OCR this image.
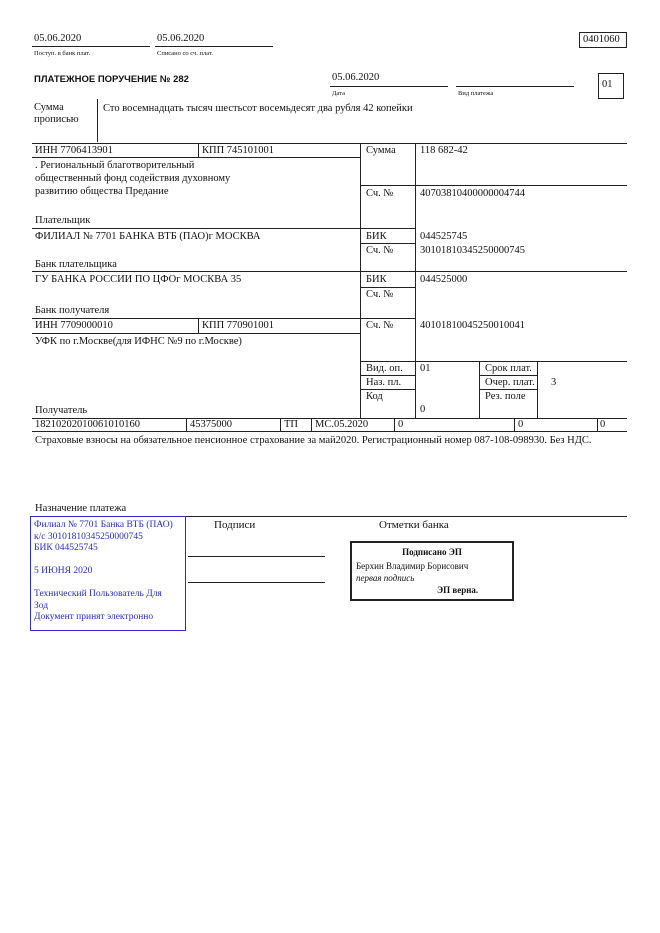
05.06.2020
Поступ. в банк плат.
05.06.2020
Списано со сч. плат.
0401060
ПЛАТЕЖНОЕ ПОРУЧЕНИЕ № 282	05.06.2020
Дата	Вид платежа
01
Сумма
прописью
Сто восемнадцать тысяч шестьсот восемьдесят два рубля 42 копейки
ИНН 7706413901	КПП 745101001
. Региональный благотворительный
общественный фонд содействия духовному
развитию общества Предание
Плательщик
ФИЛИАЛ № 7701 БАНКА ВТБ (ПАО)г МОСКВА
Банк плательщика
Сумма 118 682-42
Сч. №	40703810400000004744
БИК	044525745
Сч. №	30101810345250000745
ГУ БАНКА РОССИИ ПО ЦФОг МОСКВА 35
Банк получателя
БИК	044525000
Сч. №
ИНН 7709000010	КПП 770901001	Сч. №	40101810045250010041
УФК по г.Москве(для ИФНС №9 по г.Москве)
Получатель
Вид. оп. 01	Срок плат.
Наз. пл.	Очер. плат. 3
Код	Рез. поле
0
18210202010061010160	45375000	ТП МС.05.2020	0	0	0
Страховые взносы на обязательное пенсионное страхование за май2020. Регистрационный номер 087-108-098930. Без НДС.
Назначение платежа
Подписи	Отметки банка
Филиал № 7701 Банка ВТБ (ПАО)
к/с 30101810345250000745
БИК 044525745
5 ИЮНЯ 2020
Технический Пользователь Для
Зод
Документ принят электронно
Подписано ЭП
Берхин Владимир Борисович
первая подпись
ЭП верна.
